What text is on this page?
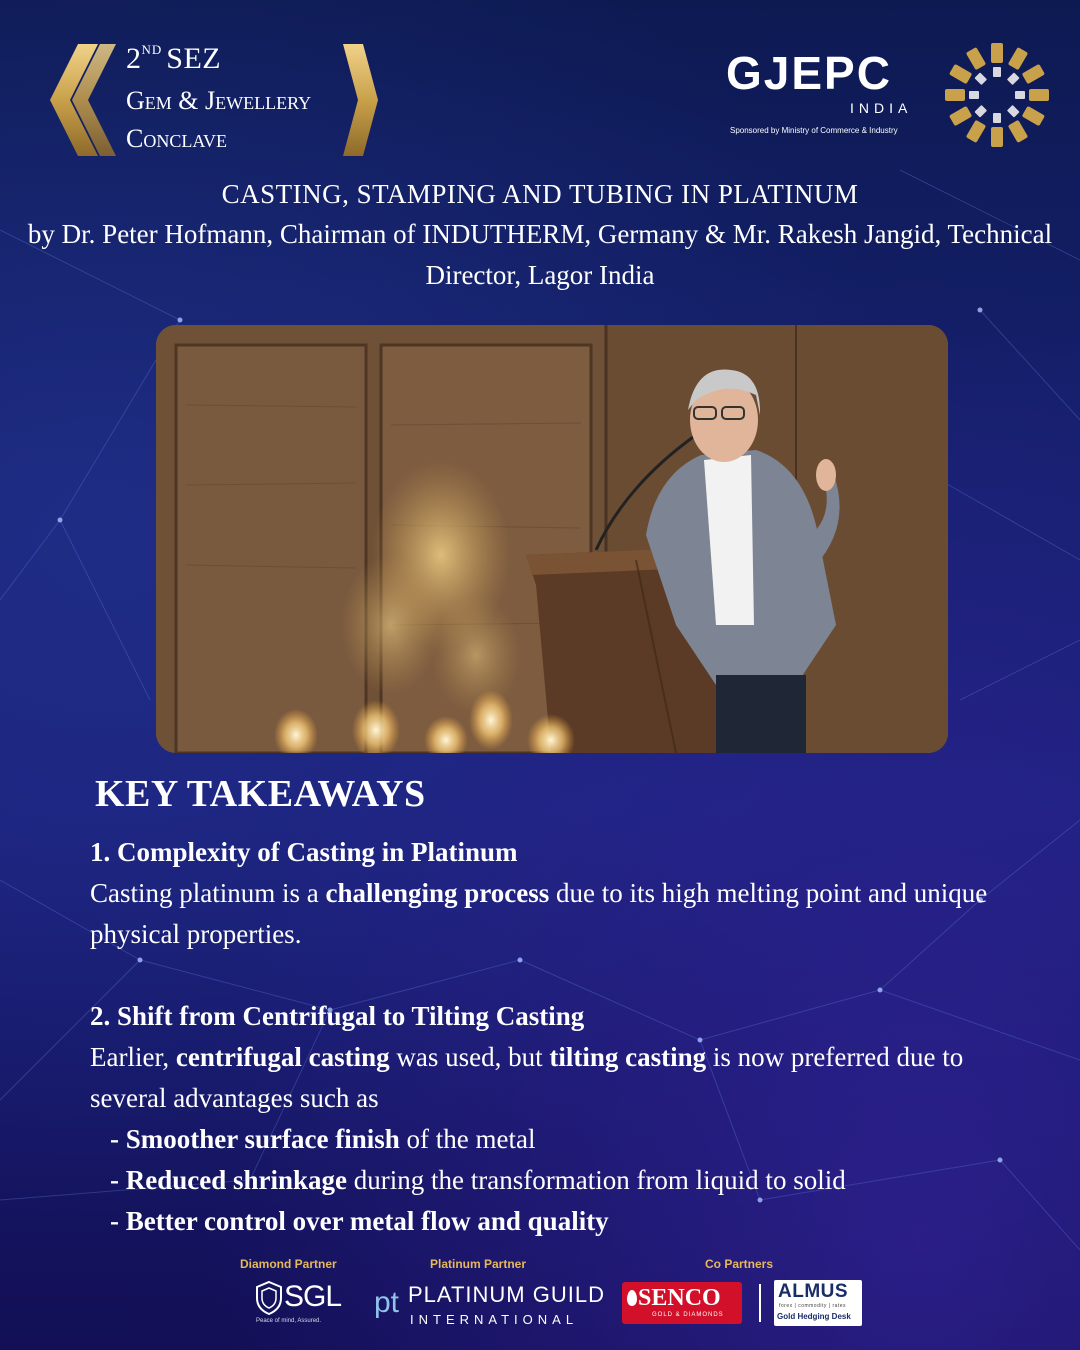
2ND SEZ
Gem & Jewellery
Conclave
GJEPC
INDIA
Sponsored by Ministry of Commerce & Industry
CASTING, STAMPING AND TUBING IN PLATINUM
by Dr. Peter Hofmann, Chairman of INDUTHERM, Germany & Mr. Rakesh Jangid, Technical Director, Lagor India
KEY TAKEAWAYS
1. Complexity of Casting in Platinum
Casting platinum is a challenging process due to its high melting point and unique physical properties.
2. Shift from Centrifugal to Tilting Casting
Earlier, centrifugal casting was used, but tilting casting is now preferred due to several advantages such as
- Smoother surface finish of the metal
- Reduced shrinkage during the transformation from liquid to solid
- Better control over metal flow and quality
Diamond Partner	Platinum Partner	Co Partners
SGL
Peace of mind, Assured.
pt PLATINUM GUILD
INTERNATIONAL
SENCO
GOLD & DIAMONDS
ALMUS
forex | commodity | rates
Gold Hedging Desk
